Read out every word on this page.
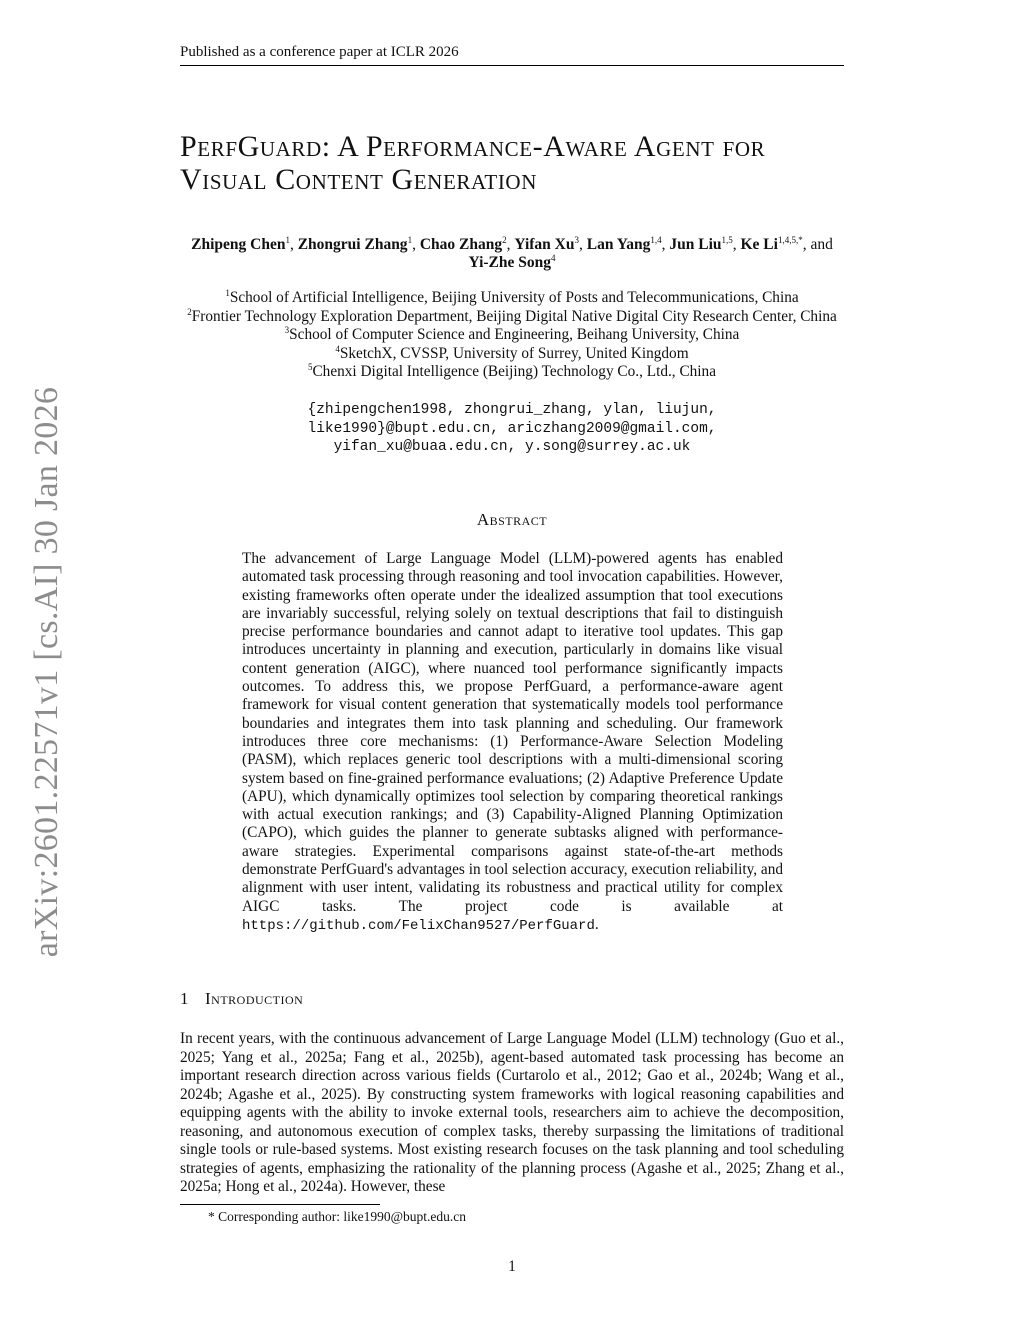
arXiv:2601.22571v1 [cs.AI] 30 Jan 2026
Published as a conference paper at ICLR 2026
PerfGuard: A Performance-Aware Agent for
Visual Content Generation
Zhipeng Chen$^1$, Zhongrui Zhang$^1$, Chao Zhang$^2$, Yifan Xu$^3$, Lan Yang$^{1,4}$, Jun Liu$^{1,5}$, Ke $Li^{1,4,5,*}$, and Yi-Zhe Song$^4$
$^1$School of Artificial Intelligence, Beijing University of Posts and Telecommunications, China
$^2$Frontier Technology Exploration Department, Beijing Digital Native Digital City Research Center, China
$^3$School of Computer Science and Engineering, Beihang University, China
$^4$SketchX, CVSSP, University of Surrey, United Kingdom
$^5$Chenxi Digital Intelligence (Beijing) Technology Co., Ltd., China
{zhipengchen1998, zhongrui_zhang, ylan, liujun,
like1990}@bupt.edu.cn, ariczhang2009@gmail.com,
yifan_xu@buaa.edu.cn, y.song@surrey.ac.uk
Abstract
The advancement of Large Language Model (LLM)-powered agents has enabled automated task processing through reasoning and tool invocation capabilities. However, existing frameworks often operate under the idealized assumption that tool executions are invariably successful, relying solely on textual descriptions that fail to distinguish precise performance boundaries and cannot adapt to iterative tool updates. This gap introduces uncertainty in planning and execution, particularly in domains like visual content generation (AIGC), where nuanced tool performance significantly impacts outcomes. To address this, we propose PerfGuard, a performance-aware agent framework for visual content generation that systematically models tool performance boundaries and integrates them into task planning and scheduling. Our framework introduces three core mechanisms: (1) Performance-Aware Selection Modeling (PASM), which replaces generic tool descriptions with a multi-dimensional scoring system based on fine-grained performance evaluations; (2) Adaptive Preference Update (APU), which dynamically optimizes tool selection by comparing theoretical rankings with actual execution rankings; and (3) Capability-Aligned Planning Optimization (CAPO), which guides the planner to generate subtasks aligned with performance-aware strategies. Experimental comparisons against state-of-the-art methods demonstrate PerfGuard's advantages in tool selection accuracy, execution reliability, and alignment with user intent, validating its robustness and practical utility for complex AIGC tasks. The project code is available at https://github.com/FelixChan9527/PerfGuard.
1 Introduction
In recent years, with the continuous advancement of Large Language Model (LLM) technology (Guo et al., 2025; Yang et al., 2025a; Fang et al., 2025b), agent-based automated task processing has become an important research direction across various fields (Curtarolo et al., 2012; Gao et al., 2024b; Wang et al., 2024b; Agashe et al., 2025). By constructing system frameworks with logical reasoning capabilities and equipping agents with the ability to invoke external tools, researchers aim to achieve the decomposition, reasoning, and autonomous execution of complex tasks, thereby surpassing the limitations of traditional single tools or rule-based systems. Most existing research focuses on the task planning and tool scheduling strategies of agents, emphasizing the rationality of the planning process (Agashe et al., 2025; Zhang et al., 2025a; Hong et al., 2024a). However, these
* Corresponding author: like1990@bupt.edu.cn
1
